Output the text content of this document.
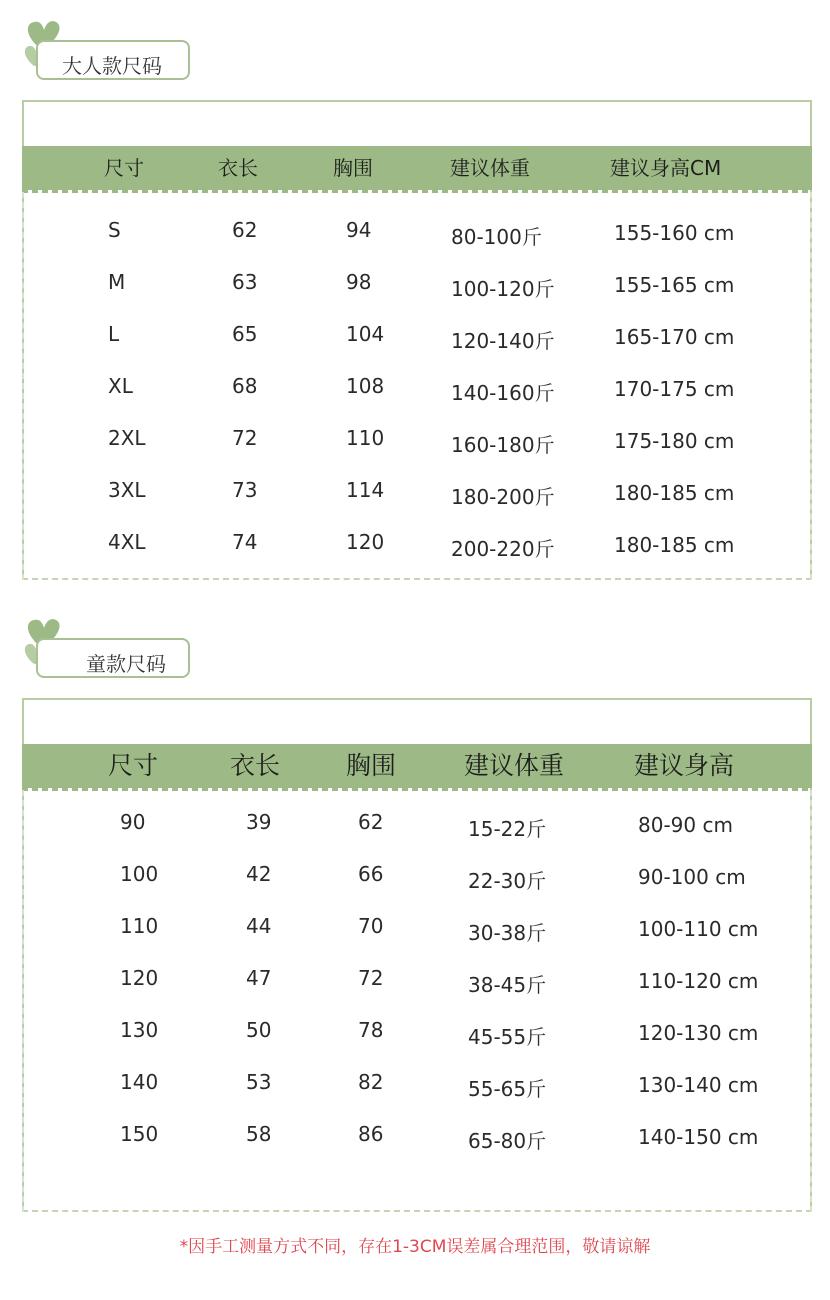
大人款尺码
尺寸	衣长	胸围	建议体重	建议身高CM
S	62	94	80-100斤	155-160 cm
M	63	98	100-120斤	155-165 cm
L	65	104	120-140斤	165-170 cm
XL	68	108	140-160斤	170-175 cm
2XL	72	110	160-180斤	175-180 cm
3XL	73	114	180-200斤	180-185 cm
4XL	74	120	200-220斤	180-185 cm
童款尺码
尺寸	衣长	胸围	建议体重	建议身高
90	39	62	15-22斤	80-90 cm
100	42	66	22-30斤	90-100 cm
110	44	70	30-38斤	100-110 cm
120	47	72	38-45斤	110-120 cm
130	50	78	45-55斤	120-130 cm
140	53	82	55-65斤	130-140 cm
150	58	86	65-80斤	140-150 cm
*因手工测量方式不同，存在1-3CM误差属合理范围，敬请谅解
